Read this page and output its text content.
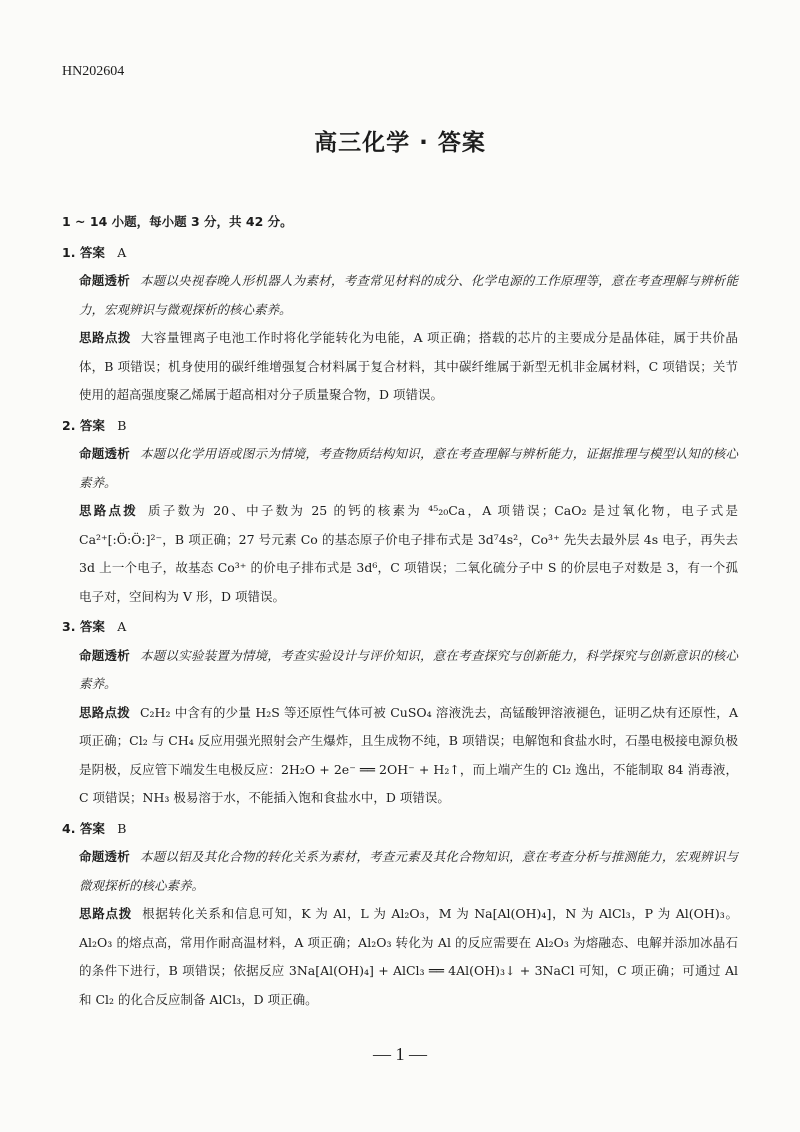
HN202604
高三化学 · 答案
1 ~ 14 小题，每小题 3 分，共 42 分。
1. 答案 A
命题透析 本题以央视春晚人形机器人为素材，考查常见材料的成分、化学电源的工作原理等，意在考查理解与辨析能力，宏观辨识与微观探析的核心素养。
思路点拨 大容量锂离子电池工作时将化学能转化为电能，A 项正确；搭载的芯片的主要成分是晶体硅，属于共价晶体，B 项错误；机身使用的碳纤维增强复合材料属于复合材料，其中碳纤维属于新型无机非金属材料，C 项错误；关节使用的超高强度聚乙烯属于超高相对分子质量聚合物，D 项错误。
2. 答案 B
命题透析 本题以化学用语或图示为情境，考查物质结构知识，意在考查理解与辨析能力，证据推理与模型认知的核心素养。
思路点拨 质子数为 20、中子数为 25 的钙的核素为 ⁴⁵₂₀Ca，A 项错误；CaO₂ 是过氧化物，电子式是 Ca²⁺[:Ö:Ö:]²⁻，B 项正确；27 号元素 Co 的基态原子价电子排布式是 3d⁷4s²，Co³⁺ 先失去最外层 4s 电子，再失去 3d 上一个电子，故基态 Co³⁺ 的价电子排布式是 3d⁶，C 项错误；二氧化硫分子中 S 的价层电子对数是 3，有一个孤电子对，空间构为 V 形，D 项错误。
3. 答案 A
命题透析 本题以实验装置为情境，考查实验设计与评价知识，意在考查探究与创新能力，科学探究与创新意识的核心素养。
思路点拨 C₂H₂ 中含有的少量 H₂S 等还原性气体可被 CuSO₄ 溶液洗去，高锰酸钾溶液褪色，证明乙炔有还原性，A 项正确；Cl₂ 与 CH₄ 反应用强光照射会产生爆炸，且生成物不纯，B 项错误；电解饱和食盐水时，石墨电极接电源负极是阴极，反应管下端发生电极反应：2H₂O + 2e⁻ ══ 2OH⁻ + H₂↑，而上端产生的 Cl₂ 逸出，不能制取 84 消毒液，C 项错误；NH₃ 极易溶于水，不能插入饱和食盐水中，D 项错误。
4. 答案 B
命题透析 本题以铝及其化合物的转化关系为素材，考查元素及其化合物知识，意在考查分析与推测能力，宏观辨识与微观探析的核心素养。
思路点拨 根据转化关系和信息可知，K 为 Al，L 为 Al₂O₃，M 为 Na[Al(OH)₄]，N 为 AlCl₃，P 为 Al(OH)₃。Al₂O₃ 的熔点高，常用作耐高温材料，A 项正确；Al₂O₃ 转化为 Al 的反应需要在 Al₂O₃ 为熔融态、电解并添加冰晶石的条件下进行，B 项错误；依据反应 3Na[Al(OH)₄] + AlCl₃ ══ 4Al(OH)₃↓ + 3NaCl 可知，C 项正确；可通过 Al 和 Cl₂ 的化合反应制备 AlCl₃，D 项正确。
— 1 —
